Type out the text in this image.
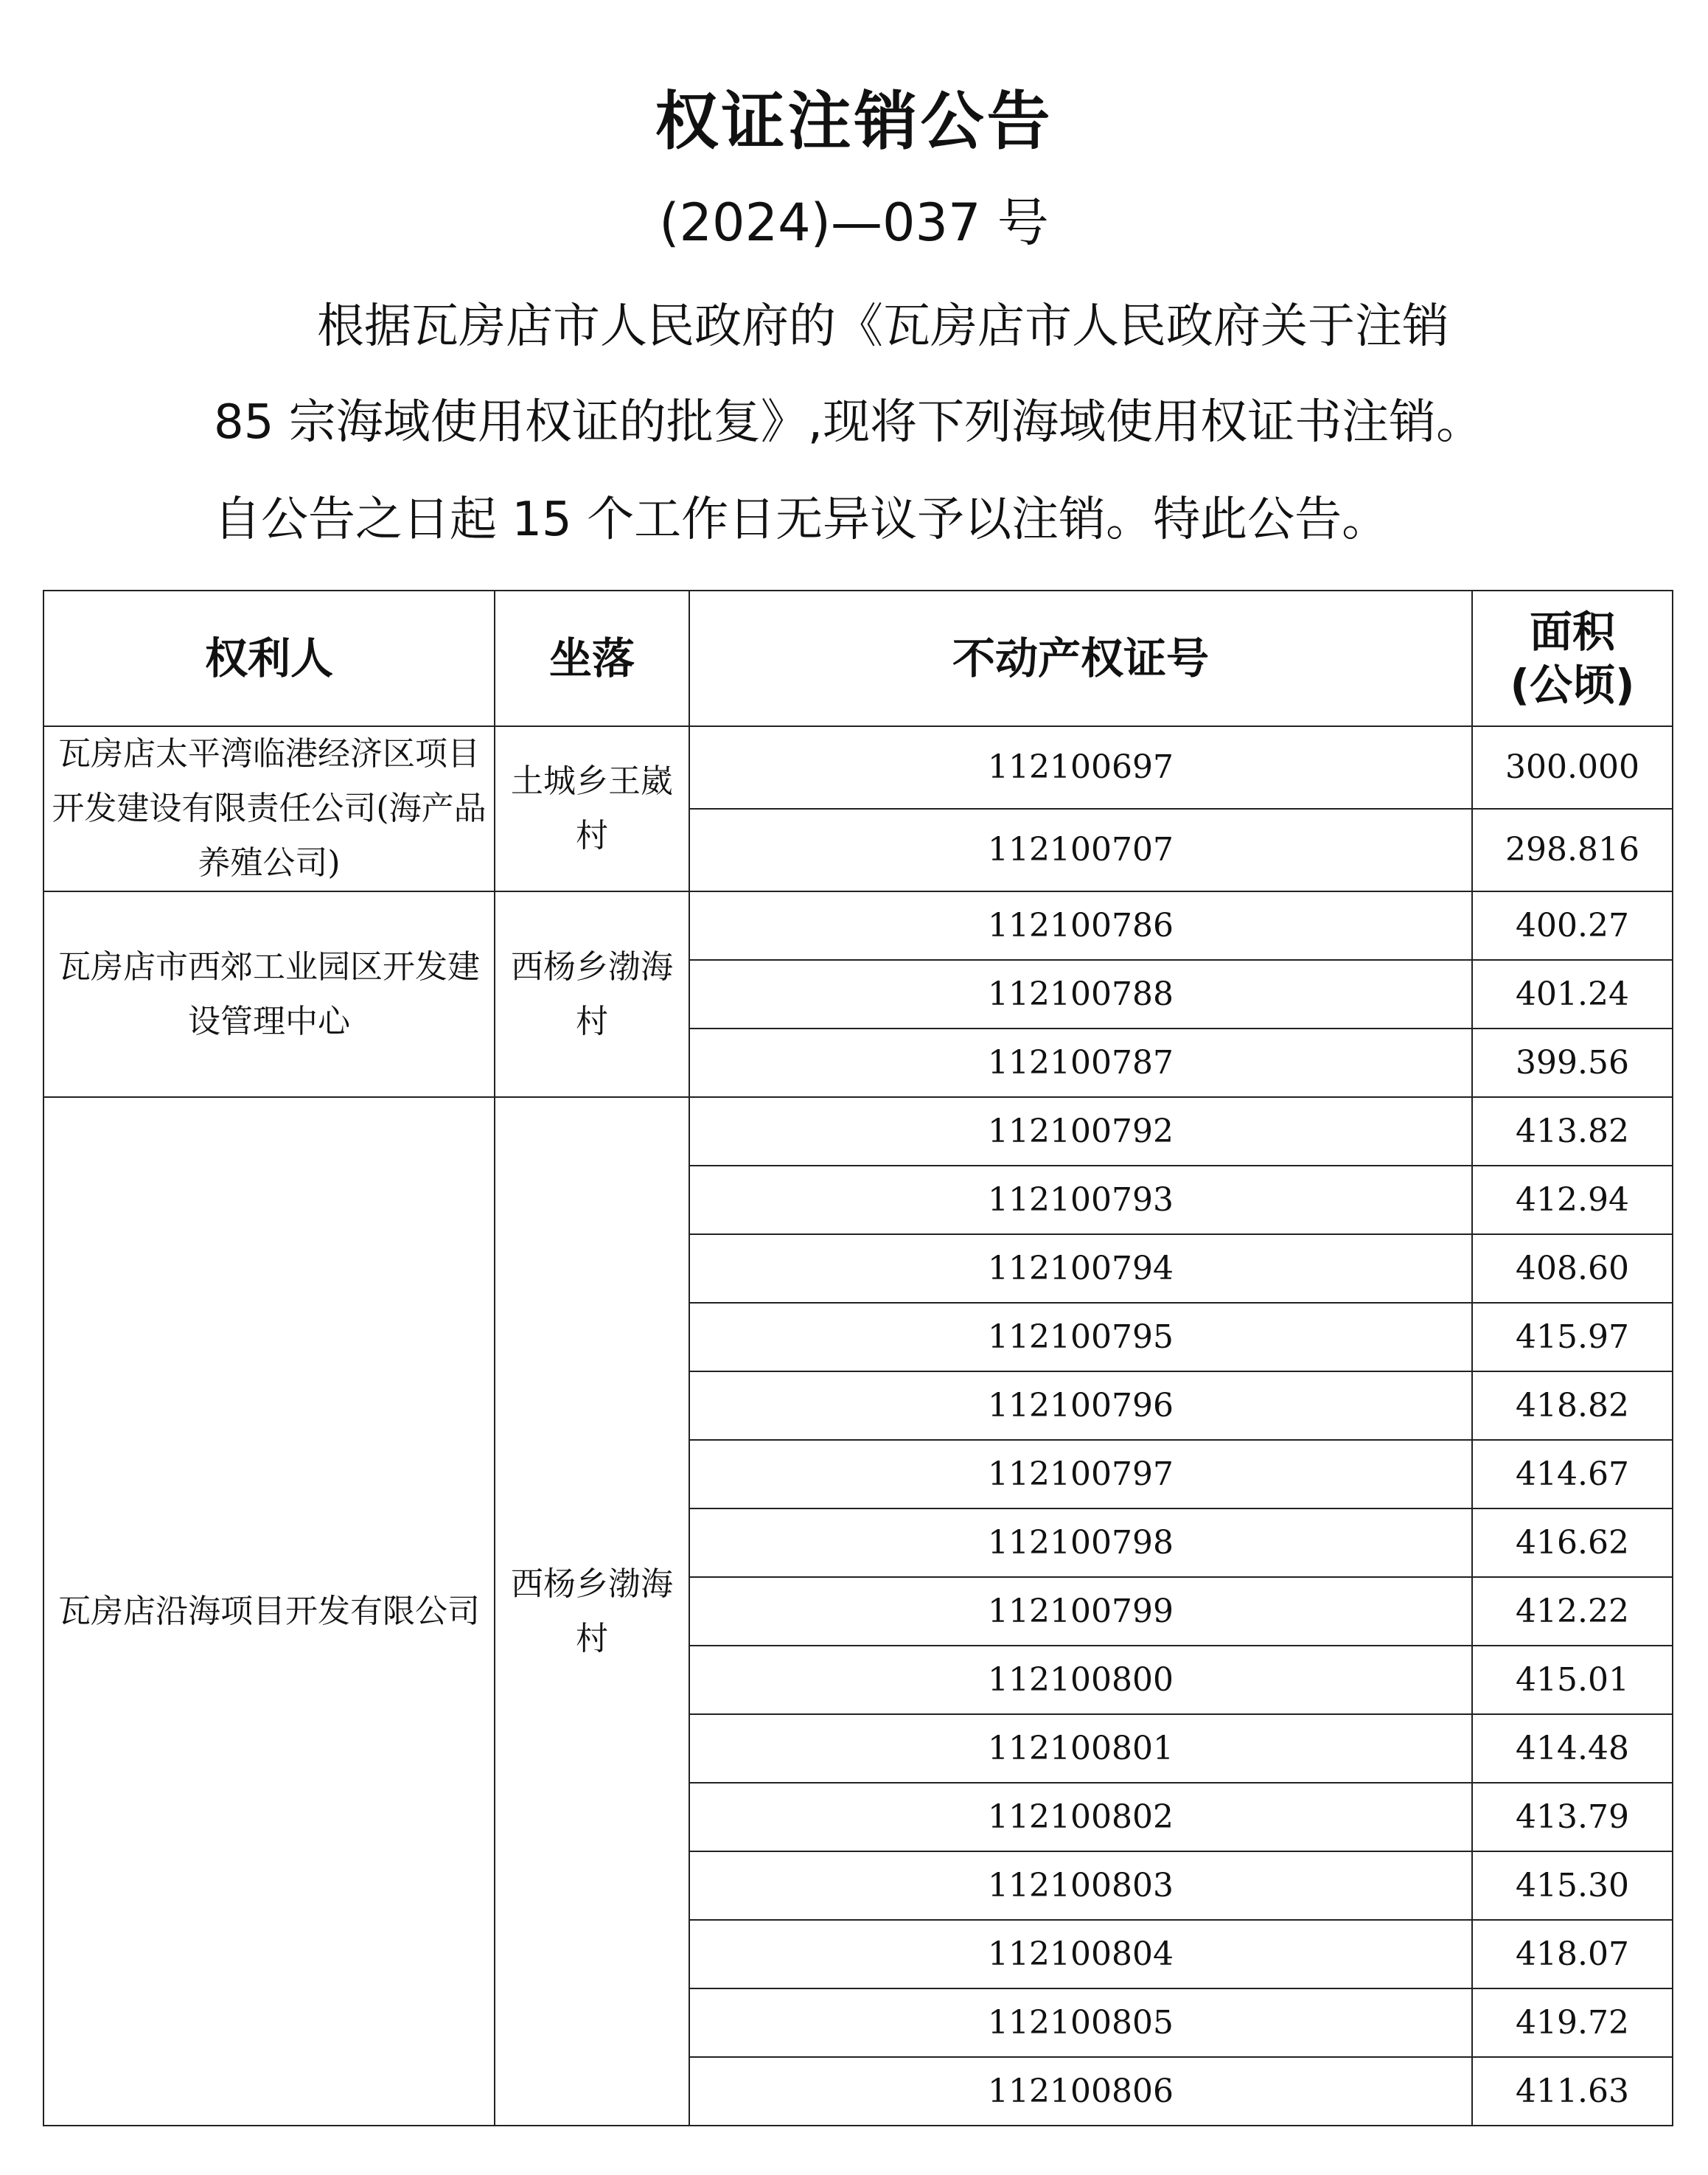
权证注销公告
(2024)—037 号
根据瓦房店市人民政府的《瓦房店市人民政府关于注销
85 宗海域使用权证的批复》,现将下列海域使用权证书注销。
自公告之日起 15 个工作日无异议予以注销。特此公告。
权利人	坐落	不动产权证号	面积
(公顷)

瓦房店太平湾临港经济区项目开发建设有限责任公司(海产品养殖公司)	土城乡王崴村	112100697	300.000
		112100707	298.816
瓦房店市西郊工业园区开发建设管理中心	西杨乡渤海村	112100786	400.27
		112100788	401.24
		112100787	399.56
瓦房店沿海项目开发有限公司	西杨乡渤海村	112100792	413.82
		112100793	412.94
		112100794	408.60
		112100795	415.97
		112100796	418.82
		112100797	414.67
		112100798	416.62
		112100799	412.22
		112100800	415.01
		112100801	414.48
		112100802	413.79
		112100803	415.30
		112100804	418.07
		112100805	419.72
		112100806	411.63
